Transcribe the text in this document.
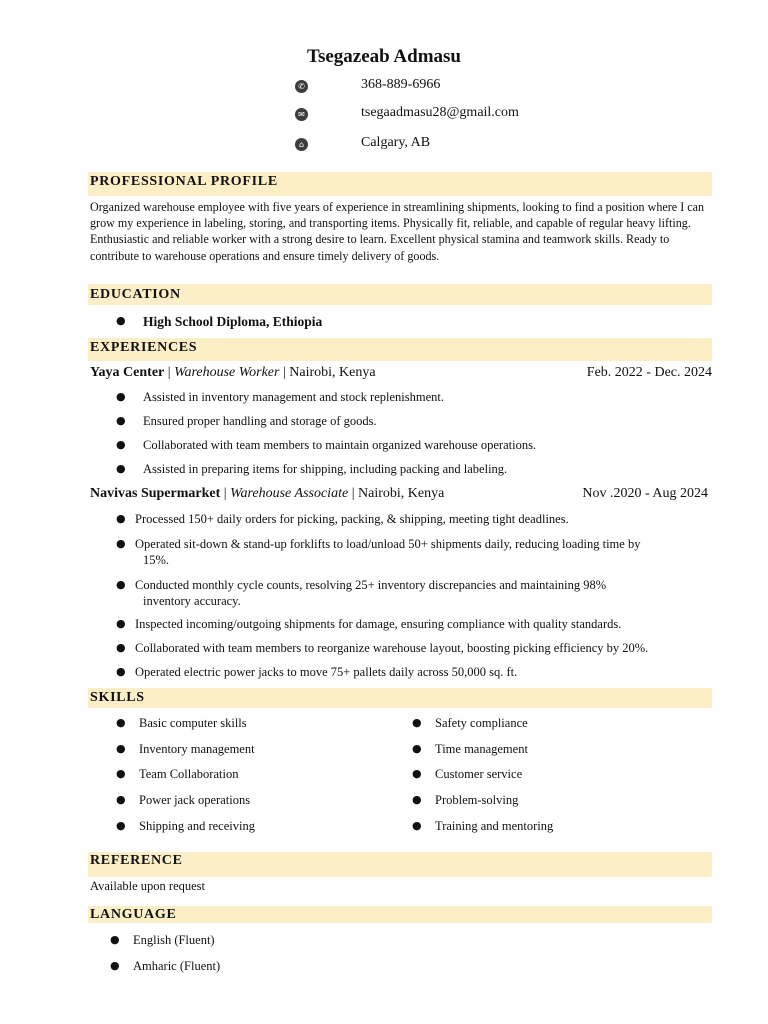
Tsegazeab Admasu
✆	368-889-6966
✉	tsegaadmasu28@gmail.com
⌂	Calgary, AB
PROFESSIONAL PROFILE
Organized warehouse employee with five years of experience in streamlining shipments, looking to find a position where I can grow my experience in labeling, storing, and transporting items. Physically fit, reliable, and capable of regular heavy lifting. Enthusiastic and reliable worker with a strong desire to learn. Excellent physical stamina and teamwork skills. Ready to contribute to warehouse operations and ensure timely delivery of goods.
EDUCATION
● High School Diploma, Ethiopia
EXPERIENCES
Yaya Center | Warehouse Worker | Nairobi, Kenya	Feb. 2022 - Dec. 2024
● Assisted in inventory management and stock replenishment.
● Ensured proper handling and storage of goods.
● Collaborated with team members to maintain organized warehouse operations.
● Assisted in preparing items for shipping, including packing and labeling.
Navivas Supermarket | Warehouse Associate | Nairobi, Kenya	Nov .2020 - Aug 2024
● Processed 150+ daily orders for picking, packing, & shipping, meeting tight deadlines.
● Operated sit-down & stand-up forklifts to load/unload 50+ shipments daily, reducing loading time by
15%.
● Conducted monthly cycle counts, resolving 25+ inventory discrepancies and maintaining 98%
inventory accuracy.
● Inspected incoming/outgoing shipments for damage, ensuring compliance with quality standards.
● Collaborated with team members to reorganize warehouse layout, boosting picking efficiency by 20%.
● Operated electric power jacks to move 75+ pallets daily across 50,000 sq. ft.
SKILLS
● Basic computer skills
● Inventory management
● Team Collaboration
● Power jack operations
● Shipping and receiving
● Safety compliance
● Time management
● Customer service
● Problem-solving
● Training and mentoring
REFERENCE
Available upon request
LANGUAGE
● English (Fluent)
● Amharic (Fluent)
